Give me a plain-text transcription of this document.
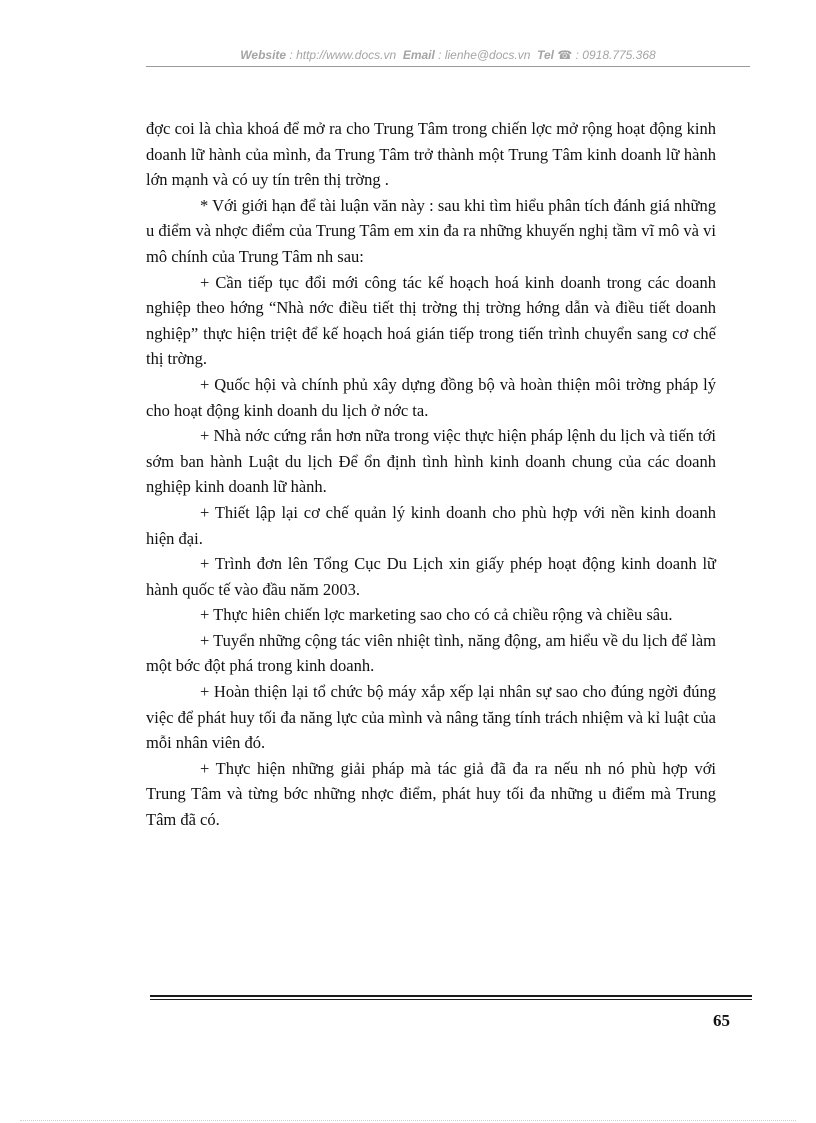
Website : http://www.docs.vn Email : lienhe@docs.vn Tel ☎ : 0918.775.368

đợc coi là chìa khoá để mở ra cho Trung Tâm trong chiến lợc mở rộng hoạt động kinh doanh lữ hành của mình, đa Trung Tâm trở thành một Trung Tâm kinh doanh lữ hành lớn mạnh và có uy tín trên thị trờng .

* Với giới hạn để tài luận văn này : sau khi tìm hiểu phân tích đánh giá những u điểm và nhợc điểm của Trung Tâm em xin đa ra những khuyến nghị tầm vĩ mô và vi mô chính của Trung Tâm nh sau:

+ Cần tiếp tục đổi mới công tác kế hoạch hoá kinh doanh trong các doanh nghiệp theo hớng “Nhà nớc điều tiết thị trờng thị trờng hớng dẫn và điều tiết doanh nghiệp” thực hiện triệt để kế hoạch hoá gián tiếp trong tiến trình chuyển sang cơ chế thị trờng.

+ Quốc hội và chính phủ xây dựng đồng bộ và hoàn thiện môi trờng pháp lý cho hoạt động kinh doanh du lịch ở nớc ta.

+ Nhà nớc cứng rắn hơn nữa trong việc thực hiện pháp lệnh du lịch và tiến tới sớm ban hành Luật du lịch Để ổn định tình hình kinh doanh chung của các doanh nghiệp kinh doanh lữ hành.

+ Thiết lập lại cơ chế quản lý kinh doanh cho phù hợp với nền kinh doanh hiện đại.

+ Trình đơn lên Tổng Cục Du Lịch xin giấy phép hoạt động kinh doanh lữ hành quốc tế vào đầu năm 2003.

+ Thực hiên chiến lợc marketing sao cho có cả chiều rộng và chiều sâu.

+ Tuyển những cộng tác viên nhiệt tình, năng động, am hiểu về du lịch để làm một bớc đột phá trong kinh doanh.

+ Hoàn thiện lại tổ chức bộ máy xắp xếp lại nhân sự sao cho đúng ngời đúng việc để phát huy tối đa năng lực của mình và nâng tăng tính trách nhiệm và kỉ luật của mỗi nhân viên đó.

+ Thực hiện những giải pháp mà tác giả đã đa ra nếu nh nó phù hợp với Trung Tâm và từng bớc những nhợc điểm, phát huy tối đa những u điểm mà Trung Tâm đã có.

65
